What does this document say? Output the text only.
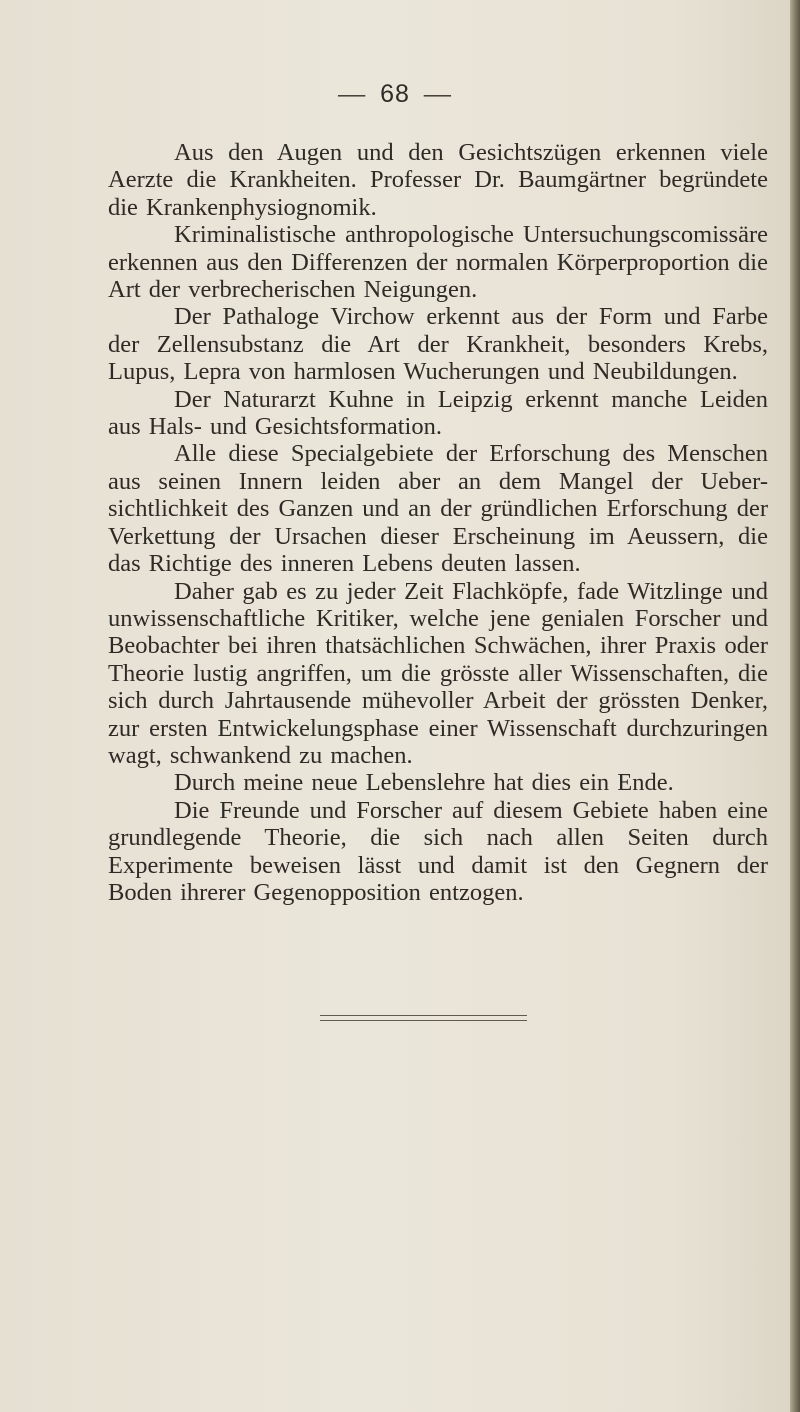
— 68 —

Aus den Augen und den Gesichtszügen erkennen viele Aerzte die Krankheiten. Professer Dr. Baumgärtner begründete die Krankenphysiognomik.

Kriminalistische anthropologische Untersuchungscomissäre erkennen aus den Differenzen der normalen Körperproportion die Art der verbrecherischen Neigungen.

Der Pathaloge Virchow erkennt aus der Form und Farbe der Zellensubstanz die Art der Krankheit, besonders Krebs, Lupus, Lepra von harmlosen Wucherungen und Neubildungen.

Der Naturarzt Kuhne in Leipzig erkennt manche Leiden aus Hals- und Gesichtsformation.

Alle diese Specialgebiete der Erforschung des Menschen aus seinen Innern leiden aber an dem Mangel der Ueber-sichtlichkeit des Ganzen und an der gründlichen Erforschung der Verkettung der Ursachen dieser Erscheinung im Aeussern, die das Richtige des inneren Lebens deuten lassen.

Daher gab es zu jeder Zeit Flachköpfe, fade Witzlinge und unwissenschaftliche Kritiker, welche jene genialen Forscher und Beobachter bei ihren thatsächlichen Schwächen, ihrer Praxis oder Theorie lustig angriffen, um die grösste aller Wissenschaften, die sich durch Jahrtausende mühevoller Arbeit der grössten Denker, zur ersten Entwickelungsphase einer Wissenschaft durchzuringen wagt, schwankend zu machen.

Durch meine neue Lebenslehre hat dies ein Ende.

Die Freunde und Forscher auf diesem Gebiete haben eine grundlegende Theorie, die sich nach allen Seiten durch Experimente beweisen lässt und damit ist den Gegnern der Boden ihrerer Gegenopposition entzogen.
